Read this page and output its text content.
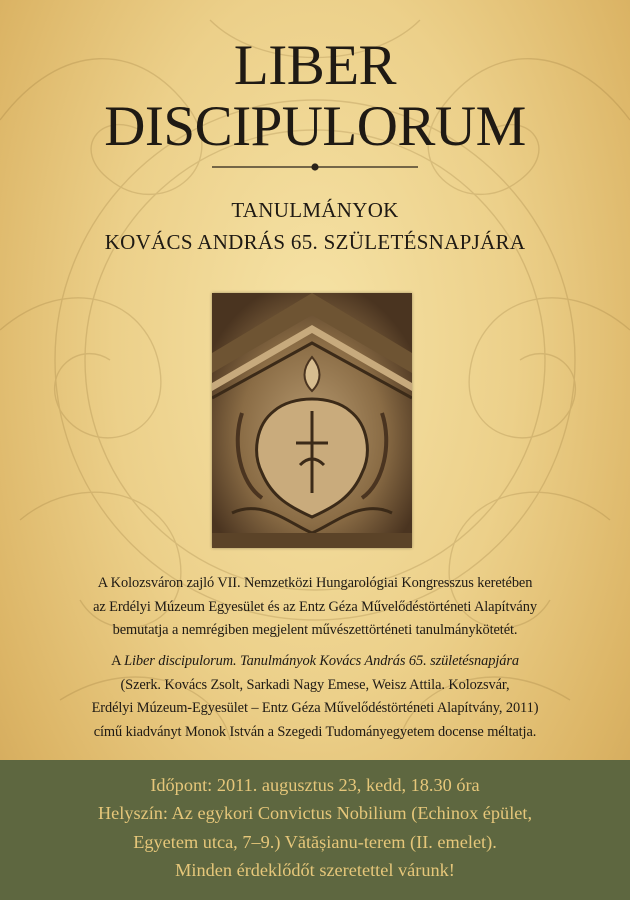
LIBER
DISCIPULORUM
TANULMÁNYOK
KOVÁCS ANDRÁS 65. SZÜLETÉSNAPJÁRA
A Kolozsváron zajló VII. Nemzetközi Hungarológiai Kongresszus keretében
az Erdélyi Múzeum Egyesület és az Entz Géza Művelődéstörténeti Alapítvány
bemutatja a nemrégiben megjelent művészettörténeti tanulmánykötetét.
A Liber discipulorum. Tanulmányok Kovács András 65. születésnapjára
(Szerk. Kovács Zsolt, Sarkadi Nagy Emese, Weisz Attila. Kolozsvár,
Erdélyi Múzeum-Egyesület – Entz Géza Művelődéstörténeti Alapítvány, 2011)
című kiadványt Monok István a Szegedi Tudományegyetem docense méltatja.
Időpont: 2011. augusztus 23, kedd, 18.30 óra
Helyszín: Az egykori Convictus Nobilium (Echinox épület,
Egyetem utca, 7–9.) Vătășianu-terem (II. emelet).
Minden érdeklődőt szeretettel várunk!
